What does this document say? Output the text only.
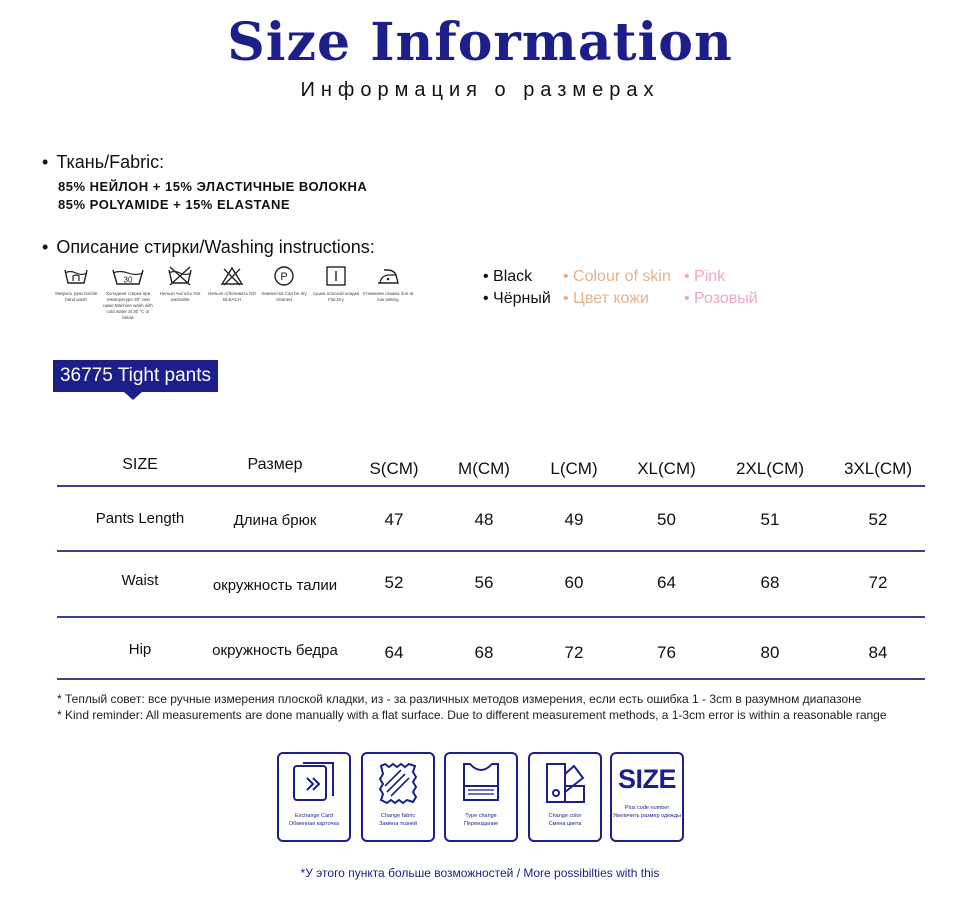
Size Information
Информация о размерах
• Ткань/Fabric:
85% НЕЙЛОН + 15% ЭЛАСТИЧНЫЕ ВОЛОКНА
85% POLYAMIDE + 15% ELASTANE
• Описание стирки/Washing instructions:
Умерить руки Gentle hand wash
30
Холодная стирка при температуре 30° или ниже Machine wash with cold water at 30 °C or below
Нельзя чистить Not washable
Нельзя отбеливать NO BLEACH
P
Химчистка Can be dry cleaned
сушка плоской кладки Flat Dry
Утюжение глажка iron at low setting
• Black
• Чёрный
• Colour of skin
• Цвет кожи
• Pink
• Розовый
36775 Tight pants
SIZE	Размер	S(CM)	M(CM)	L(CM)	XL(CM)	2XL(CM)	3XL(CM)
Pants Length	Длина брюк	47	48	49	50	51	52
Waist	окружность талии	52	56	60	64	68	72
Hip	окружность бедра	64	68	72	76	80	84
* Теплый совет: все ручные измерения плоской кладки, из - за различных методов измерения, если есть ошибка 1 - 3cm в разумном диапазоне
* Kind reminder: All measurements are done manually with a flat surface. Due to different measurement methods, a 1-3cm error is within a reasonable range
Exchange Card
Обменная карточка
Change fabric
Замена тканей
Type change
Переиздание
Change color
Смена цвета
SIZE
Plus code number
Увеличить размер одежды
*У этого пункта больше возможностей / More possibilties with this
